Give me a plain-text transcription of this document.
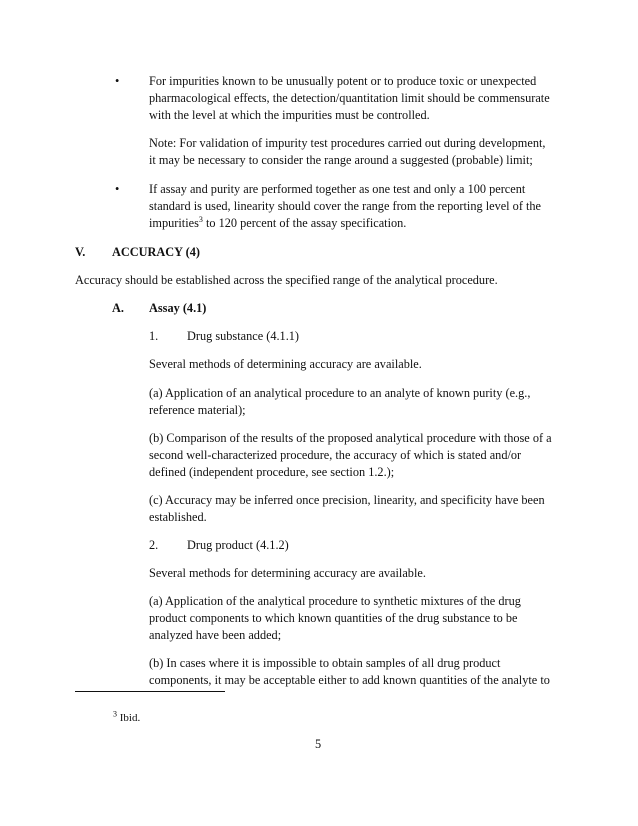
• For impurities known to be unusually potent or to produce toxic or unexpected
pharmacological effects, the detection/quantitation limit should be commensurate
with the level at which the impurities must be controlled.
Note: For validation of impurity test procedures carried out during development,
it may be necessary to consider the range around a suggested (probable) limit;
• If assay and purity are performed together as one test and only a 100 percent
standard is used, linearity should cover the range from the reporting level of the
impurities$^3$ to 120 percent of the assay specification.
V. ACCURACY (4)
Accuracy should be established across the specified range of the analytical procedure.
A. Assay (4.1)
1. Drug substance (4.1.1)
Several methods of determining accuracy are available.
(a) Application of an analytical procedure to an analyte of known purity (e.g.,
reference material);
(b) Comparison of the results of the proposed analytical procedure with those of a
second well-characterized procedure, the accuracy of which is stated and/or
defined (independent procedure, see section 1.2.);
(c) Accuracy may be inferred once precision, linearity, and specificity have been
established.
2. Drug product (4.1.2)
Several methods for determining accuracy are available.
(a) Application of the analytical procedure to synthetic mixtures of the drug
product components to which known quantities of the drug substance to be
analyzed have been added;
(b) In cases where it is impossible to obtain samples of all drug product
components, it may be acceptable either to add known quantities of the analyte to
$^3$ Ibid.
5
